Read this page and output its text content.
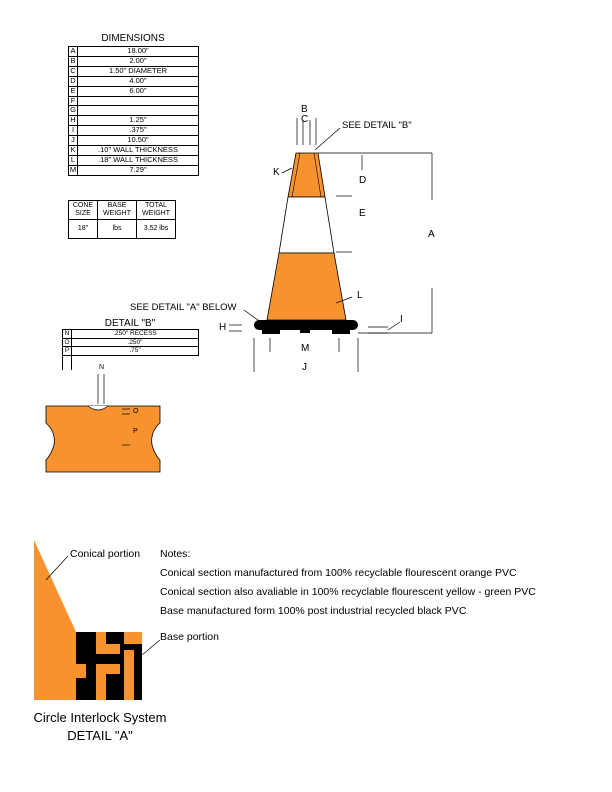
DIMENSIONS
A	18.00"
B	2.00"
C	1.50" DIAMETER
D	4.00"
E	6.00"
F	
G	
H	1.25"
I	.375"
J	10.50"
K	.10" WALL THICKNESS
L	.18" WALL THICKNESS
M	7.29"
CONE SIZE	BASE WEIGHT	TOTAL WEIGHT
18"	lbs	3.52 lbs
DETAIL "B"
N	.250" RECESS
O	.250"
P	.75"

B
C
SEE DETAIL "B"
K
D
E
A
L
SEE DETAIL "A" BELOW
H
I
M
J
N
O
P
Conical portion
Base portion
Circle Interlock System
DETAIL "A"
Notes:
Conical section manufactured from 100% recyclable flourescent orange PVC
Conical section also avaliable in 100% recyclable flourescent yellow - green PVC
Base manufactured form 100% post industrial recycled black PVC
